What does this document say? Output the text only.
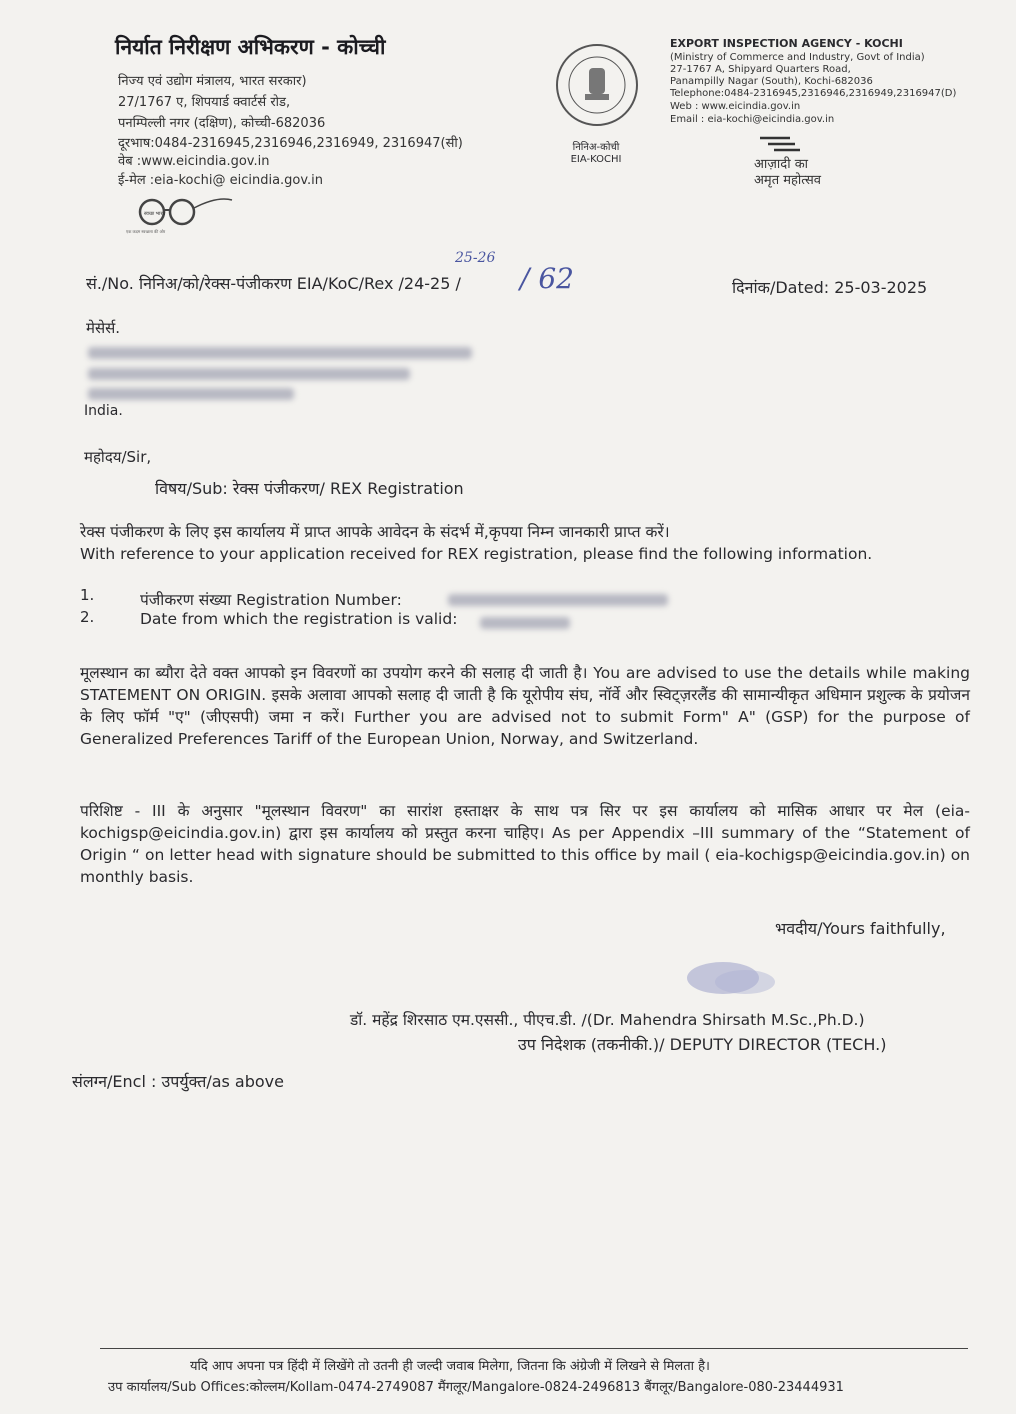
निर्यात निरीक्षण अभिकरण - कोच्ची
निज्य एवं उद्योग मंत्रालय, भारत सरकार)
27/1767 ए, शिपयार्ड क्वार्टर्स रोड,
पनम्पिल्ली नगर (दक्षिण), कोच्ची-682036
दूरभाष:0484-2316945,2316946,2316949, 2316947(सी)
वेब :www.eicindia.gov.in
ई-मेल :eia-kochi@ eicindia.gov.in
स्वच्छ भारत
एक कदम स्वच्छता की ओर
निनिअ-कोची
EIA-KOCHI
EXPORT INSPECTION AGENCY - KOCHI
(Ministry of Commerce and Industry, Govt of India)
27-1767 A, Shipyard Quarters Road,
Panampilly Nagar (South), Kochi-682036
Telephone:0484-2316945,2316946,2316949,2316947(D)
Web : www.eicindia.gov.in
Email : eia-kochi@eicindia.gov.in
आज़ादी का
अमृत महोत्सव
सं./No. निनिअ/को/रेक्स-पंजीकरण EIA/KoC/Rex /24-25 /
25-26
/ 62	दिनांक/Dated: 25-03-2025
मेसेर्स.
India.
महोदय/Sir,
विषय/Sub: रेक्स पंजीकरण/ REX Registration
रेक्स पंजीकरण के लिए इस कार्यालय में प्राप्त आपके आवेदन के संदर्भ में,कृपया निम्न जानकारी प्राप्त करें।
With reference to your application received for REX registration, please find the following information.
1.	पंजीकरण संख्या Registration Number:
2.	Date from which the registration is valid:
मूलस्थान का ब्यौरा देते वक्त आपको इन विवरणों का उपयोग करने की सलाह दी जाती है। You are advised to use the details while making STATEMENT ON ORIGIN. इसके अलावा आपको सलाह दी जाती है कि यूरोपीय संघ, नॉर्वे और स्विट्ज़रलैंड की सामान्यीकृत अधिमान प्रशुल्क के प्रयोजन के लिए फॉर्म "ए" (जीएसपी) जमा न करें। Further you are advised not to submit Form" A" (GSP) for the purpose of Generalized Preferences Tariff of the European Union, Norway, and Switzerland.
परिशिष्ट - III के अनुसार "मूलस्थान विवरण" का सारांश हस्ताक्षर के साथ पत्र सिर पर इस कार्यालय को मासिक आधार पर मेल (eia-kochigsp@eicindia.gov.in) द्वारा इस कार्यालय को प्रस्तुत करना चाहिए। As per Appendix –III summary of the “Statement of Origin “ on letter head with signature should be submitted to this office by mail ( eia-kochigsp@eicindia.gov.in) on monthly basis.
भवदीय/Yours faithfully,
डॉ. महेंद्र शिरसाठ एम.एससी., पीएच.डी. /(Dr. Mahendra Shirsath M.Sc.,Ph.D.)
उप निदेशक (तकनीकी.)/ DEPUTY DIRECTOR (TECH.)
संलग्न/Encl : उपर्युक्त/as above
यदि आप अपना पत्र हिंदी में लिखेंगे तो उतनी ही जल्दी जवाब मिलेगा, जितना कि अंग्रेजी में लिखने से मिलता है।
उप कार्यालय/Sub Offices:कोल्लम/Kollam-0474-2749087 मैंगलूर/Mangalore-0824-2496813 बैंगलूर/Bangalore-080-23444931
